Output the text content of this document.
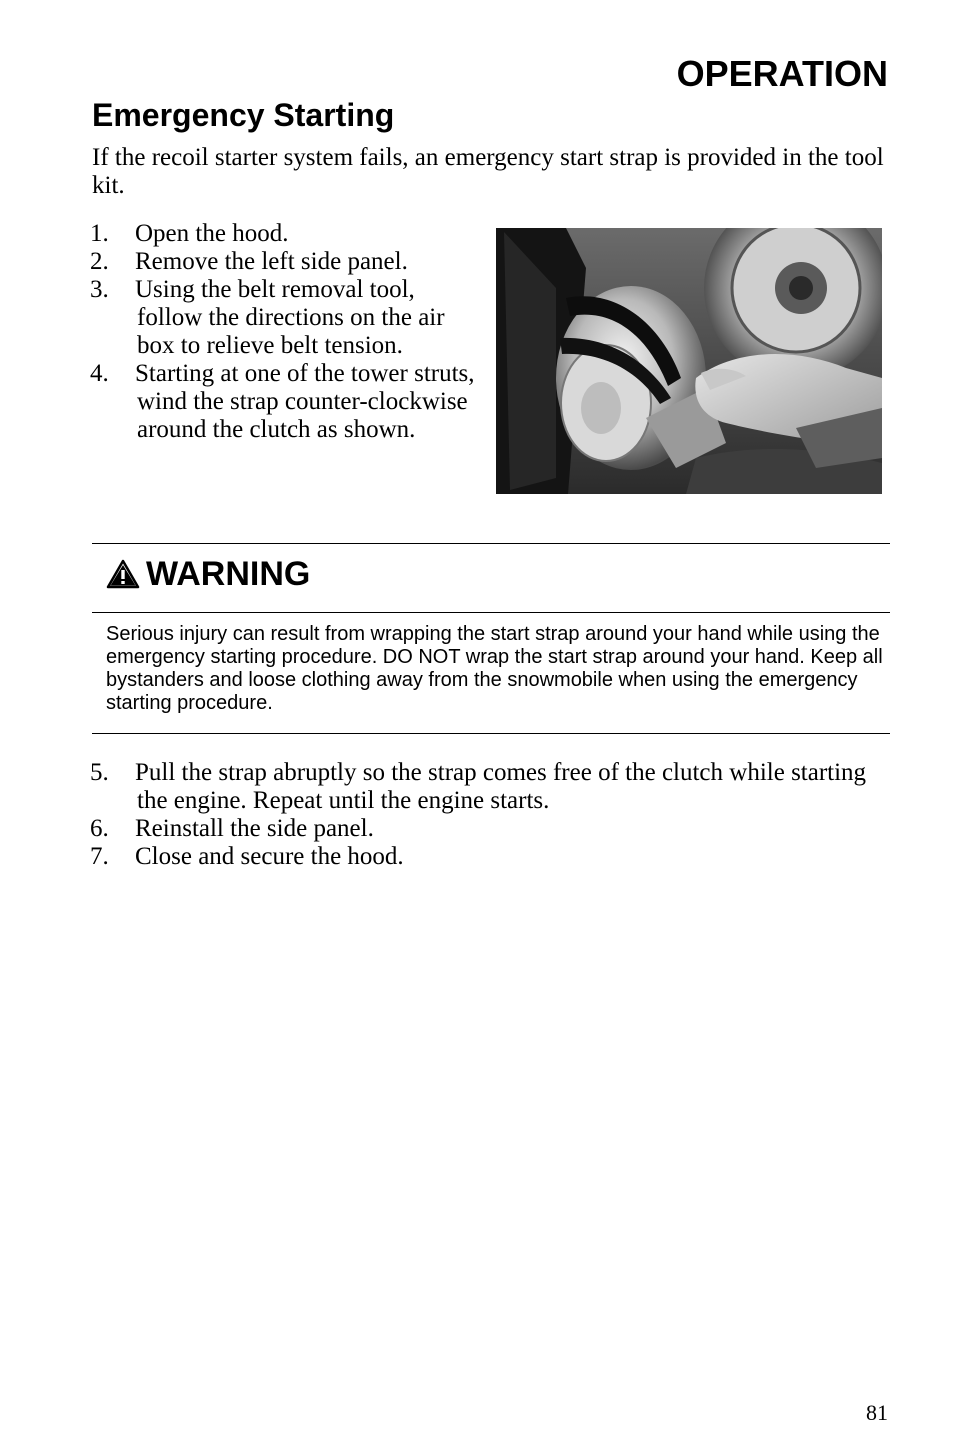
OPERATION
Emergency Starting

If the recoil starter system fails, an emergency start strap is provided in the tool kit.

1. Open the hood.
2. Remove the left side panel.
3. Using the belt removal tool, follow the directions on the air box to relieve belt tension.
4. Starting at one of the tower struts, wind the strap counter-clockwise around the clutch as shown.
WARNING

Serious injury can result from wrapping the start strap around your hand while using the emergency starting procedure. DO NOT wrap the start strap around your hand. Keep all bystanders and loose clothing away from the snowmobile when using the emergency starting procedure.

5. Pull the strap abruptly so the strap comes free of the clutch while starting the engine. Repeat until the engine starts.
6. Reinstall the side panel.
7. Close and secure the hood.
81
